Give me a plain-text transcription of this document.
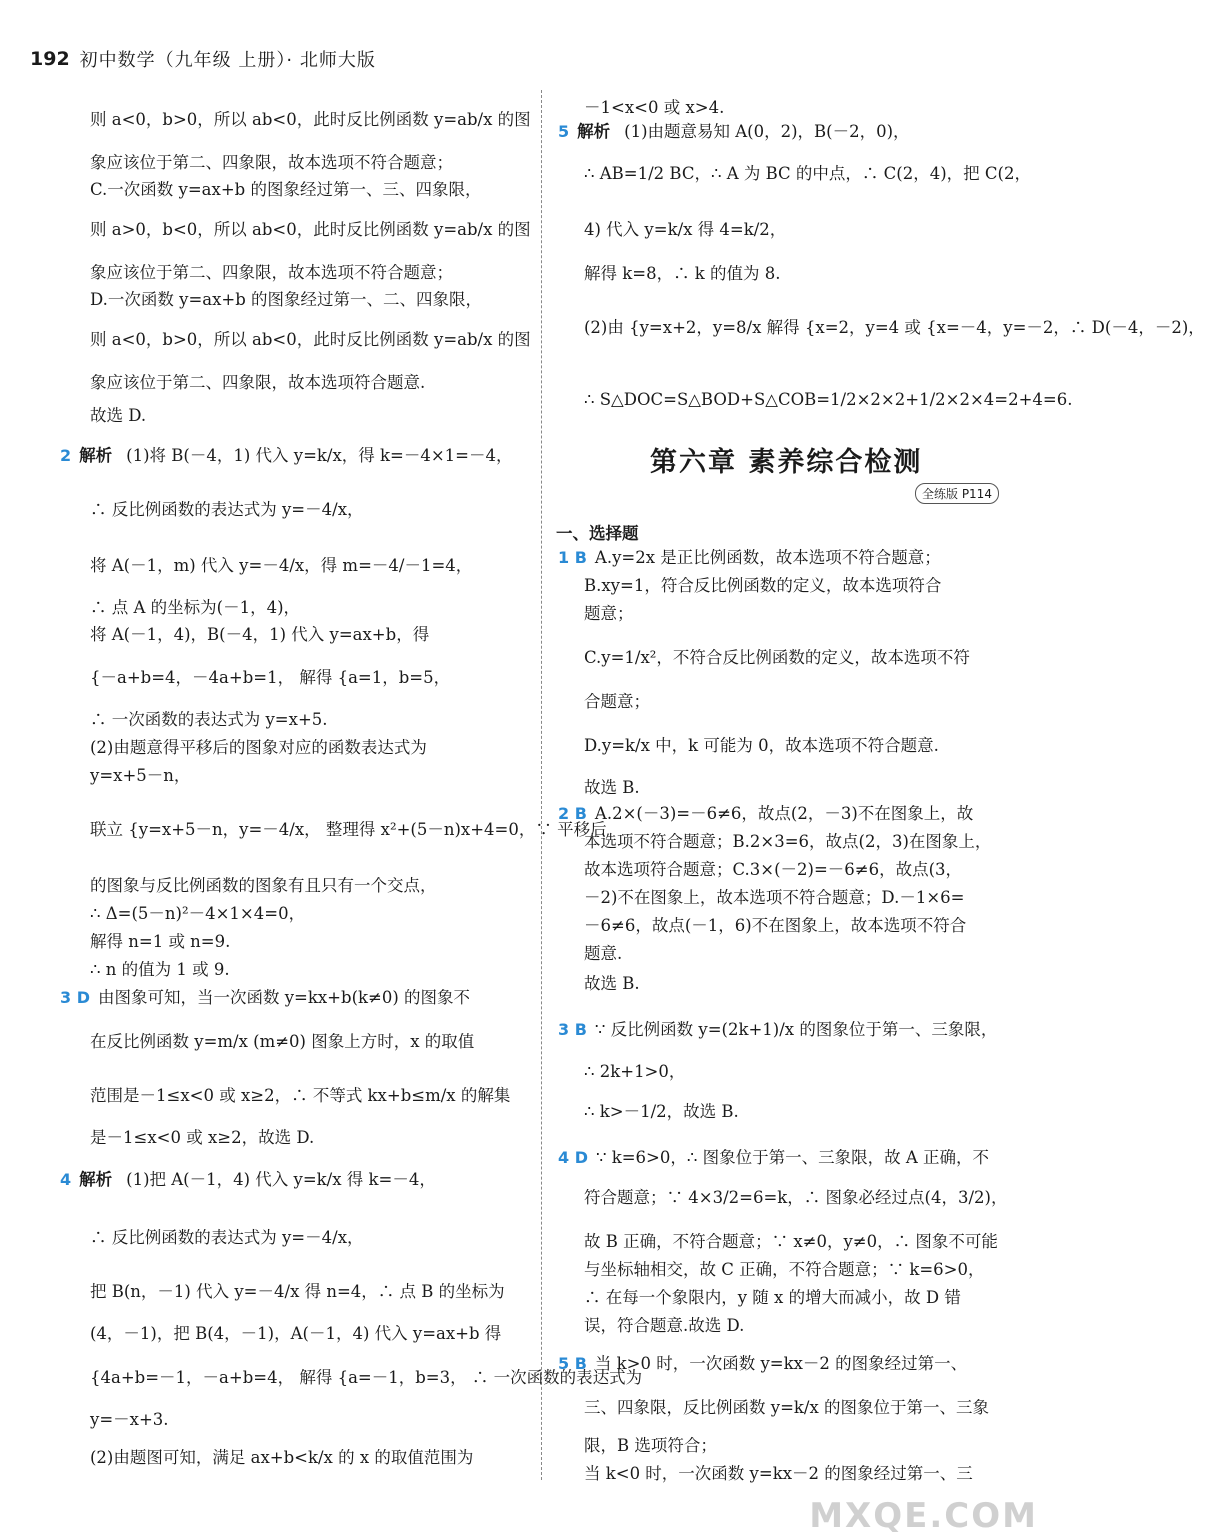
192 初中数学（九年级 上册）· 北师大版
则 a<0，b>0，所以 ab<0，此时反比例函数 y=ab/x 的图
象应该位于第二、四象限，故本选项不符合题意；
C.一次函数 y=ax+b 的图象经过第一、三、四象限，
则 a>0，b<0，所以 ab<0，此时反比例函数 y=ab/x 的图
象应该位于第二、四象限，故本选项不符合题意；
D.一次函数 y=ax+b 的图象经过第一、二、四象限，
则 a<0，b>0，所以 ab<0，此时反比例函数 y=ab/x 的图
象应该位于第二、四象限，故本选项符合题意.
故选 D.
∴ 反比例函数的表达式为 y=－4/x，
将 A(－1，m) 代入 y=－4/x，得 m=－4/－1=4，
∴ 点 A 的坐标为(－1，4)，
将 A(－1，4)，B(－4，1) 代入 y=ax+b，得
{－a+b=4，－4a+b=1， 解得 {a=1，b=5，
∴ 一次函数的表达式为 y=x+5.
(2)由题意得平移后的图象对应的函数表达式为
y=x+5－n，
联立 {y=x+5－n，y=－4/x， 整理得 x²+(5－n)x+4=0，∵ 平移后
的图象与反比例函数的图象有且只有一个交点，
∴ Δ=(5－n)²－4×1×4=0，
解得 n=1 或 n=9.
∴ n 的值为 1 或 9.
在反比例函数 y=m/x (m≠0) 图象上方时，x 的取值
范围是－1≤x<0 或 x≥2，∴ 不等式 kx+b≤m/x 的解集
是－1≤x<0 或 x≥2，故选 D.
∴ 反比例函数的表达式为 y=－4/x，
把 B(n，－1) 代入 y=－4/x 得 n=4，∴ 点 B 的坐标为
(4，－1)，把 B(4，－1)，A(－1，4) 代入 y=ax+b 得
{4a+b=－1，－a+b=4， 解得 {a=－1，b=3， ∴ 一次函数的表达式为
y=－x+3.
(2)由题图可知，满足 ax+b<k/x 的 x 的取值范围为
2 解析 (1)将 B(－4，1) 代入 y=k/x，得 k=－4×1=－4，
3 D 由图象可知，当一次函数 y=kx+b(k≠0) 的图象不
4 解析 (1)把 A(－1，4) 代入 y=k/x 得 k=－4，
－1<x<0 或 x>4.
∴ AB=1/2 BC，∴ A 为 BC 的中点，∴ C(2，4)，把 C(2，
4) 代入 y=k/x 得 4=k/2，
解得 k=8，∴ k 的值为 8.
(2)由 {y=x+2，y=8/x 解得 {x=2，y=4 或 {x=－4，y=－2，∴ D(－4，－2)，
∴ S△DOC=S△BOD+S△COB=1/2×2×2+1/2×2×4=2+4=6.
B.xy=1，符合反比例函数的定义，故本选项符合
题意；
C.y=1/x²，不符合反比例函数的定义，故本选项不符
合题意；
D.y=k/x 中，k 可能为 0，故本选项不符合题意.
故选 B.
本选项不符合题意；B.2×3=6，故点(2，3)在图象上，
故本选项符合题意；C.3×(－2)=－6≠6，故点(3，
－2)不在图象上，故本选项不符合题意；D.－1×6=
－6≠6，故点(－1，6)不在图象上，故本选项不符合
题意.
故选 B.
∴ 2k+1>0，
∴ k>－1/2，故选 B.
符合题意；∵ 4×3/2=6=k，∴ 图象必经过点(4，3/2)，
故 B 正确，不符合题意；∵ x≠0，y≠0，∴ 图象不可能
与坐标轴相交，故 C 正确，不符合题意；∵ k=6>0，
∴ 在每一个象限内，y 随 x 的增大而减小，故 D 错
误，符合题意.故选 D.
三、四象限，反比例函数 y=k/x 的图象位于第一、三象
限，B 选项符合；
当 k<0 时，一次函数 y=kx－2 的图象经过第一、三
5 解析 (1)由题意易知 A(0，2)，B(－2，0)，
1 B A.y=2x 是正比例函数，故本选项不符合题意；
2 B A.2×(－3)=－6≠6，故点(2，－3)不在图象上，故
3 B ∵ 反比例函数 y=(2k+1)/x 的图象位于第一、三象限，
4 D ∵ k=6>0，∴ 图象位于第一、三象限，故 A 正确，不
5 B 当 k>0 时，一次函数 y=kx－2 的图象经过第一、
第六章 素养综合检测
全练版 P114
一、选择题
MXQE.COM
